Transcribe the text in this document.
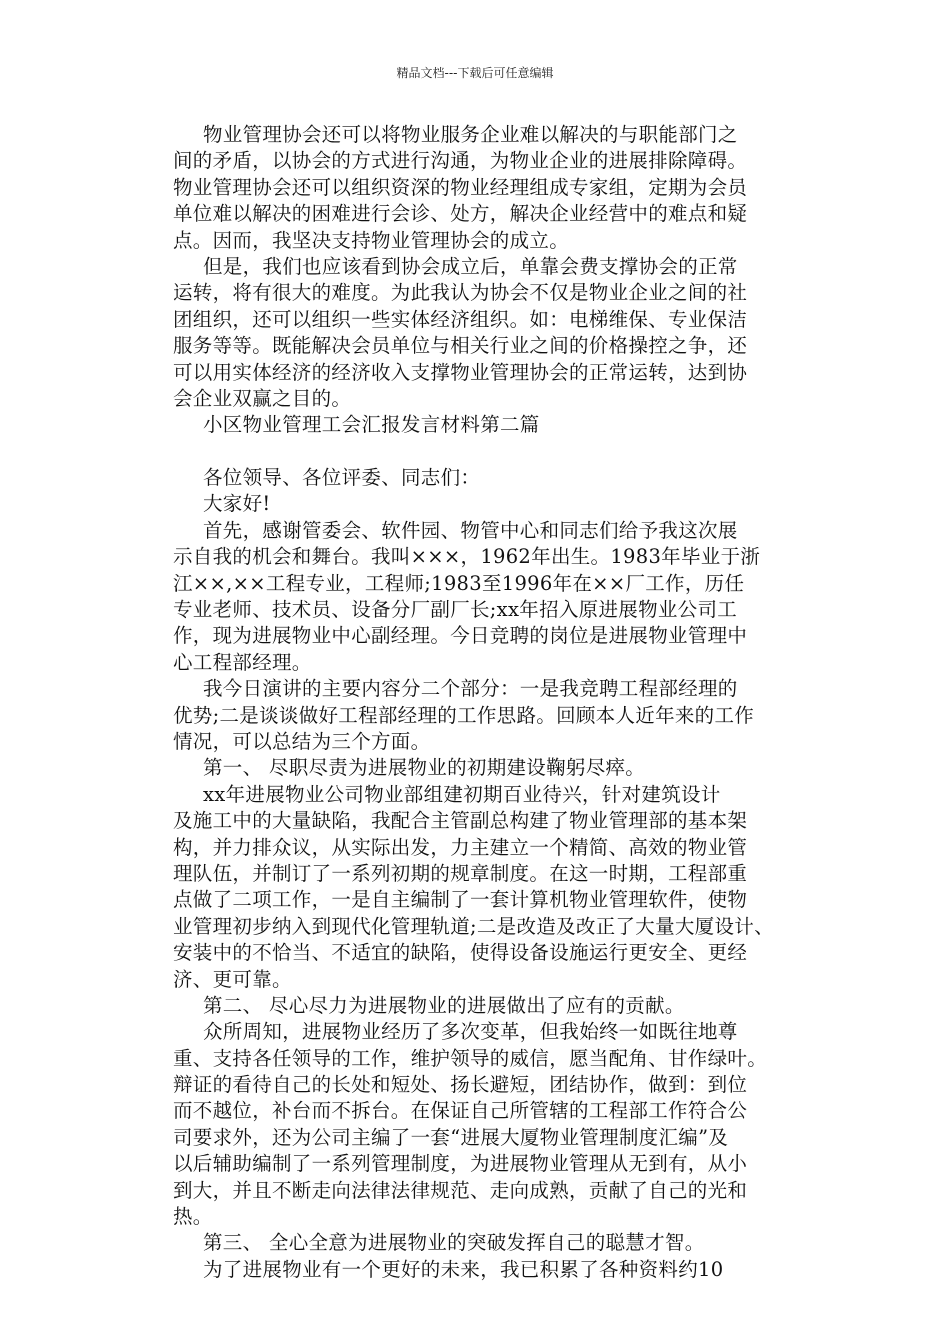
精品文档---下载后可任意编辑

物业管理协会还可以将物业服务企业难以解决的与职能部门之

间的矛盾，以协会的方式进行沟通，为物业企业的进展排除障碍。

物业管理协会还可以组织资深的物业经理组成专家组，定期为会员

单位难以解决的困难进行会诊、处方，解决企业经营中的难点和疑

点。因而，我坚决支持物业管理协会的成立。

但是，我们也应该看到协会成立后，单靠会费支撑协会的正常

运转，将有很大的难度。为此我认为协会不仅是物业企业之间的社

团组织，还可以组织一些实体经济组织。如：电梯维保、专业保洁

服务等等。既能解决会员单位与相关行业之间的价格操控之争，还

可以用实体经济的经济收入支撑物业管理协会的正常运转，达到协

会企业双赢之目的。

小区物业管理工会汇报发言材料第二篇

各位领导、各位评委、同志们：

大家好!

首先，感谢管委会、软件园、物管中心和同志们给予我这次展

示自我的机会和舞台。我叫×××，1962年出生。1983年毕业于浙

江××,××工程专业，工程师;1983至1996年在××厂工作，历任

专业老师、技术员、设备分厂副厂长;xx年招入原进展物业公司工

作，现为进展物业中心副经理。今日竞聘的岗位是进展物业管理中

心工程部经理。

我今日演讲的主要内容分二个部分：一是我竞聘工程部经理的

优势;二是谈谈做好工程部经理的工作思路。回顾本人近年来的工作

情况，可以总结为三个方面。

第一、 尽职尽责为进展物业的初期建设鞠躬尽瘁。

xx年进展物业公司物业部组建初期百业待兴，针对建筑设计

及施工中的大量缺陷，我配合主管副总构建了物业管理部的基本架

构，并力排众议，从实际出发，力主建立一个精简、高效的物业管

理队伍，并制订了一系列初期的规章制度。在这一时期，工程部重

点做了二项工作，一是自主编制了一套计算机物业管理软件，使物

业管理初步纳入到现代化管理轨道;二是改造及改正了大量大厦设计、

安装中的不恰当、不适宜的缺陷，使得设备设施运行更安全、更经

济、更可靠。

第二、 尽心尽力为进展物业的进展做出了应有的贡献。

众所周知，进展物业经历了多次变革，但我始终一如既往地尊

重、支持各任领导的工作，维护领导的威信，愿当配角、甘作绿叶。

辩证的看待自己的长处和短处、扬长避短，团结协作，做到：到位

而不越位，补台而不拆台。在保证自己所管辖的工程部工作符合公

司要求外，还为公司主编了一套“进展大厦物业管理制度汇编”及

以后辅助编制了一系列管理制度，为进展物业管理从无到有，从小

到大，并且不断走向法律法律规范、走向成熟，贡献了自己的光和

热。

第三、 全心全意为进展物业的突破发挥自己的聪慧才智。

为了进展物业有一个更好的未来，我已积累了各种资料约10
